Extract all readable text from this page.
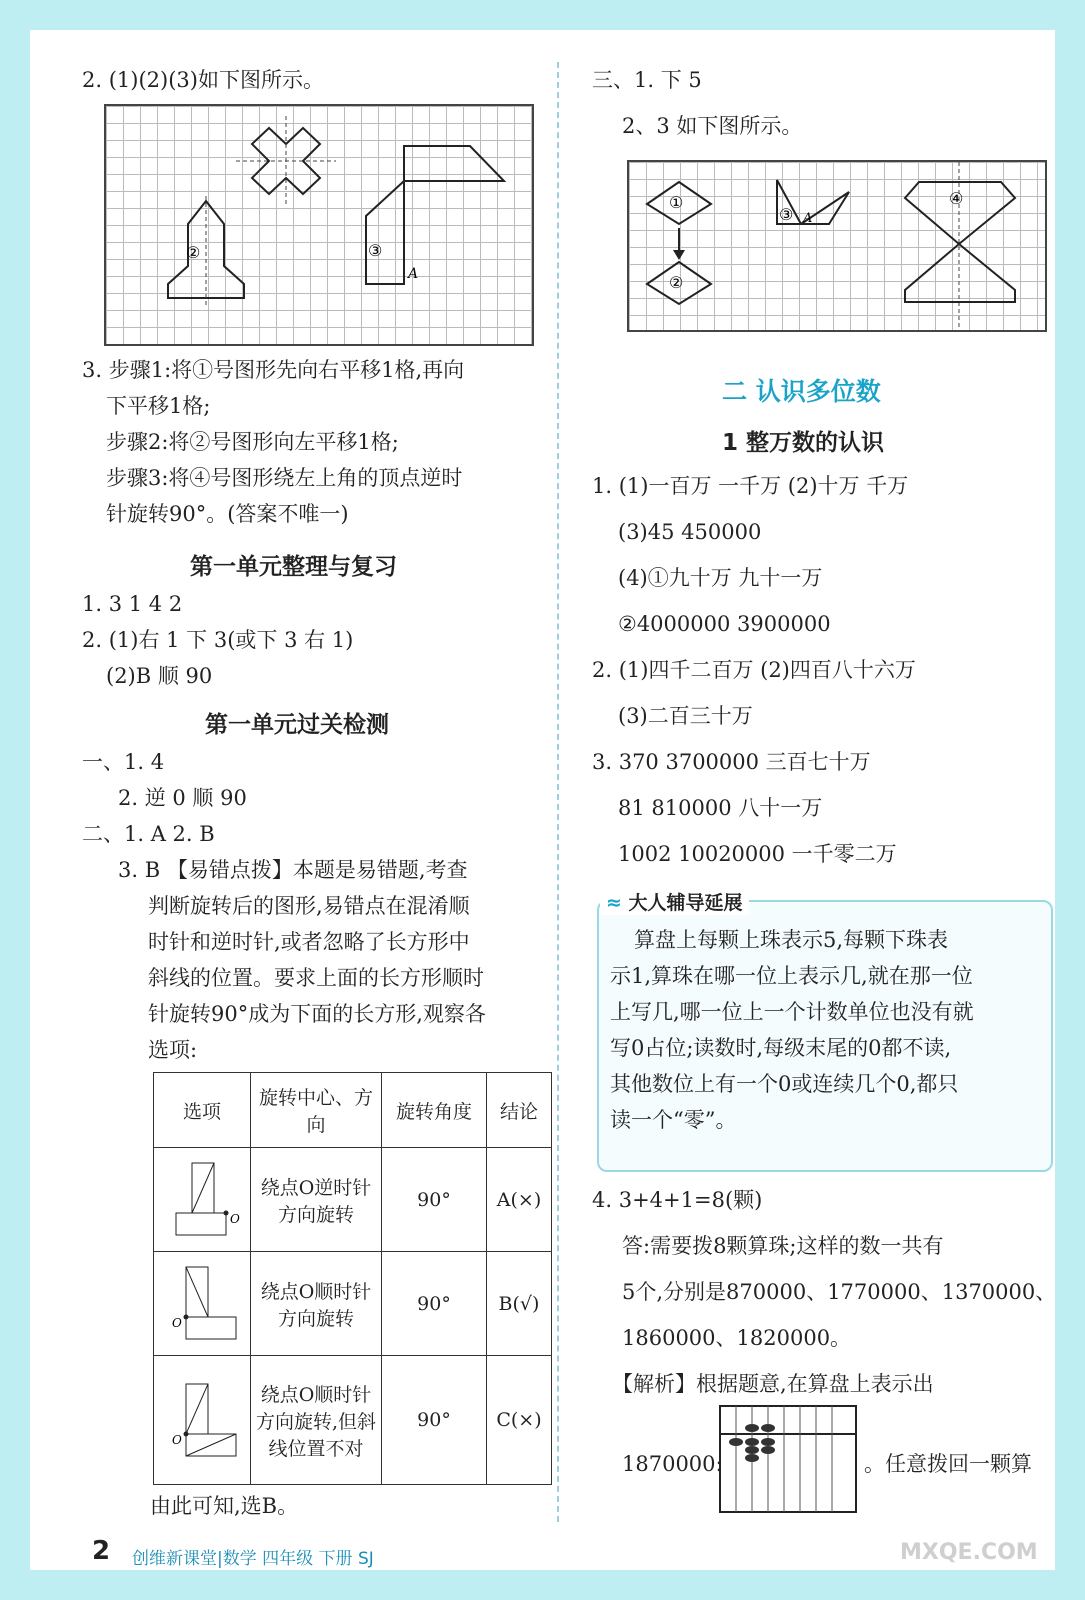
2. (1)(2)(3)如下图所示。
②	③
A
3. 步骤1:将①号图形先向右平移1格,再向
下平移1格;
步骤2:将②号图形向左平移1格;
步骤3:将④号图形绕左上角的顶点逆时
针旋转90°。(答案不唯一)
第一单元整理与复习
1. 3 1 4 2
2. (1)右 1 下 3(或下 3 右 1)
(2)B 顺 90
第一单元过关检测
一、1. 4
2. 逆 0 顺 90
二、1. A 2. B
3. B 【易错点拨】本题是易错题,考查
判断旋转后的图形,易错点在混淆顺
时针和逆时针,或者忽略了长方形中
斜线的位置。要求上面的长方形顺时
针旋转90°成为下面的长方形,观察各
选项:
选项	旋转中心、方向	旋转角度	结论

O	绕点O逆时针方向旋转	90°	A(×)

O	绕点O顺时针方向旋转	90°	B(√)

O	绕点O顺时针方向旋转,但斜线位置不对	90°	C(×)
由此可知,选B。
三、1. 下 5
2、3 如下图所示。
①
②
③
④
A
二 认识多位数
1 整万数的认识
1. (1)一百万 一千万 (2)十万 千万
(3)45 450000
(4)①九十万 九十一万
②4000000 3900000
2. (1)四千二百万 (2)四百八十六万
(3)二百三十万
3. 370 3700000 三百七十万
81 810000 八十一万
1002 10020000 一千零二万
≈ 大人辅导延展
算盘上每颗上珠表示5,每颗下珠表
示1,算珠在哪一位上表示几,就在那一位
上写几,哪一位上一个计数单位也没有就
写0占位;读数时,每级末尾的0都不读,
其他数位上有一个0或连续几个0,都只
读一个“零”。
4. 3+4+1=8(颗)
答:需要拨8颗算珠;这样的数一共有
5个,分别是870000、1770000、1370000、
1860000、1820000。
【解析】根据题意,在算盘上表示出
1870000:	。任意拨回一颗算
2 创维新课堂|数学 四年级 下册 SJ	MXQE.COM
